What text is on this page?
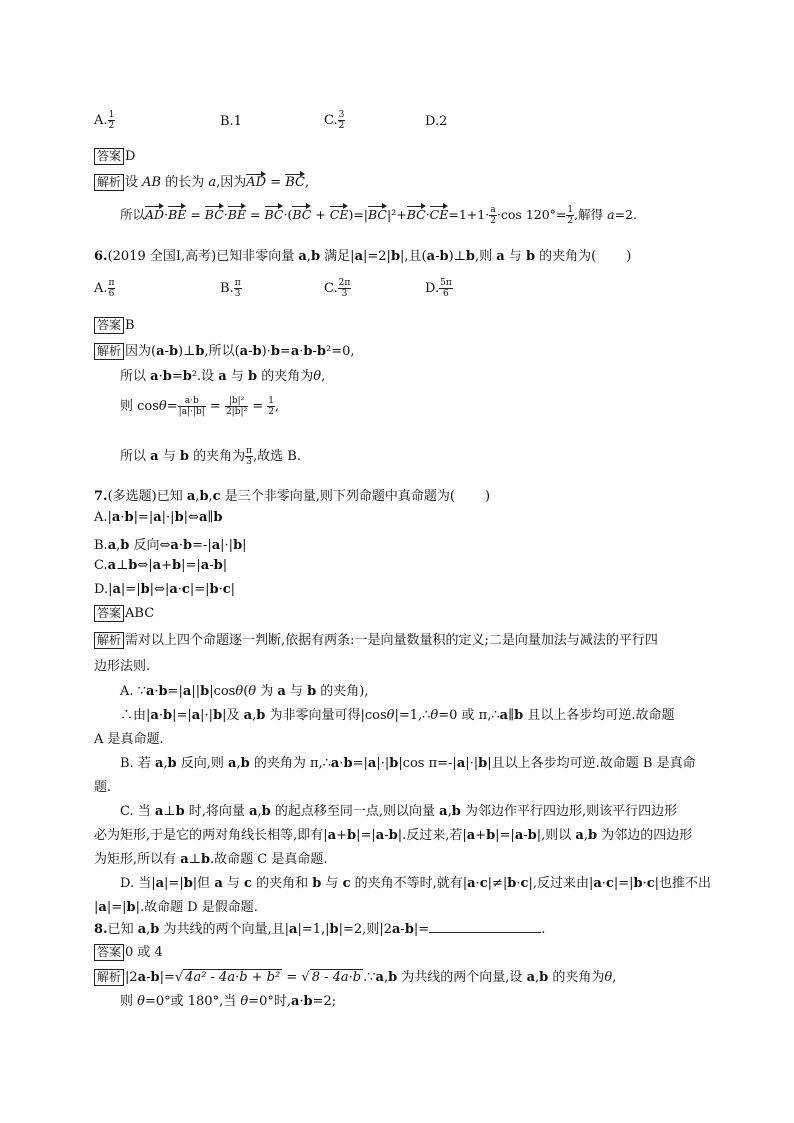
A. $\frac{1}{2}$	B.1	C. $\frac{3}{2}$	D.2
答案 D
解析 设 AB 的长为 a,因为AD = BC,
所以$AD\cdot BE = BC\cdot BE = BC\cdot(BC + CE)=|BC|^2+BC\cdot CE=1+1\cdot \frac{a}{2} \cdot\cos$ $120^\circ= \frac{1}{2}$ ,解得 a=2.
6.(2019 全国Ⅰ,高考)已知非零向量 a,b 满足|a|=2|b|,且(a-b)⊥b,则 a 与 b 的夹角为( )
A. $\frac{\pi}{6}$	B. $\frac{\pi}{3}$	C. $\frac{2\pi}{3}$	D. $\frac{5\pi}{6}$
答案 B
解析 因为(a-b)⊥b,所以(a-b)·b=a·b-b²=0,
所以 a·b=b².设 a 与 b 的夹角为θ,
则 $\cos\theta= \frac{a\cdot b}{|a|\cdot|b|} = \frac{\text{|b|²}}{\text{2|b|²}} = \frac{1}{2}$ ,
所以 a 与 b 的夹角为 $\frac{\pi}{3}$ ,故选 B.
7.(多选题)已知 a,b,c 是三个非零向量,则下列命题中真命题为( )
A.|a·b|=|a|·|b|⇔a∥b
B.a,b 反向⇔a·b=-|a|·|b|
C.a⊥b⇔|a+b|=|a-b|
D.|a|=|b|⇔|a·c|=|b·c|
答案 ABC
解析 需对以上四个命题逐一判断,依据有两条:一是向量数量积的定义;二是向量加法与减法的平行四
边形法则.
A. ∵a·b=|a||b|cosθ(θ 为 a 与 b 的夹角),
∴由|a·b|=|a|·|b|及 a,b 为非零向量可得|cosθ|=1,∴θ=0 或 π,∴a∥b 且以上各步均可逆.故命题
A 是真命题.
B. 若 a,b 反向,则 a,b 的夹角为 π,∴a·b=|a|·|b|cos π=-|a|·|b|且以上各步均可逆.故命题 B 是真命
题.
C. 当 a⊥b 时,将向量 a,b 的起点移至同一点,则以向量 a,b 为邻边作平行四边形,则该平行四边形
必为矩形,于是它的两对角线长相等,即有|a+b|=|a-b|.反过来,若|a+b|=|a-b|,则以 a,b 为邻边的四边形
为矩形,所以有 a⊥b.故命题 C 是真命题.
D. 当|a|=|b|但 a 与 c 的夹角和 b 与 c 的夹角不等时,就有|a·c|≠|b·c|,反过来由|a·c|=|b·c|也推不出
|a|=|b|.故命题 D 是假命题.
8.已知 a,b 为共线的两个向量,且|a|=1,|b|=2,则|2a-b|=	.
答案 0 或 4
解析 |2a-b|=√ 4a² - 4a·b + b² = √ 8 - 4a·b .∵a,b 为共线的两个向量,设 a,b 的夹角为θ,
则 θ=0°或 180°,当 θ=0°时,a·b=2;
